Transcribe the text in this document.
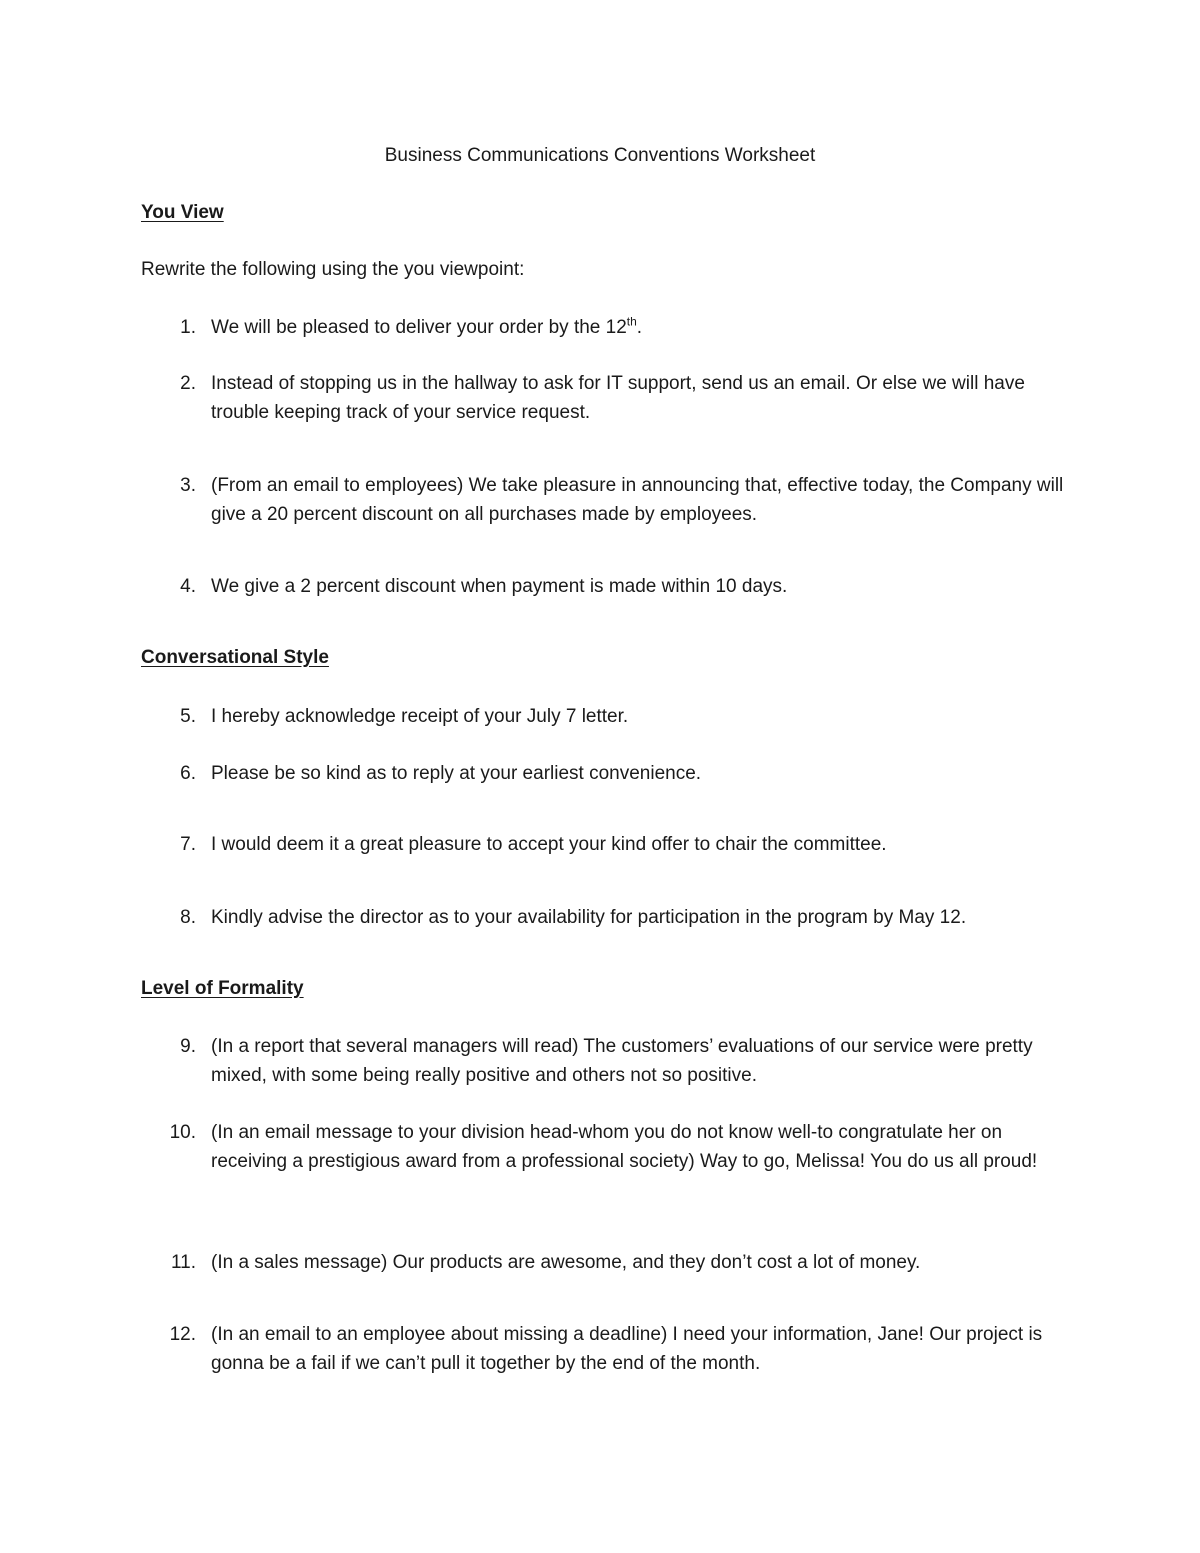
Business Communications Conventions Worksheet
You View
Rewrite the following using the you viewpoint:
1. We will be pleased to deliver your order by the 12th.
2. Instead of stopping us in the hallway to ask for IT support, send us an email. Or else we will have trouble keeping track of your service request.
3. (From an email to employees) We take pleasure in announcing that, effective today, the Company will give a 20 percent discount on all purchases made by employees.
4. We give a 2 percent discount when payment is made within 10 days.
Conversational Style
5. I hereby acknowledge receipt of your July 7 letter.
6. Please be so kind as to reply at your earliest convenience.
7. I would deem it a great pleasure to accept your kind offer to chair the committee.
8. Kindly advise the director as to your availability for participation in the program by May 12.
Level of Formality
9. (In a report that several managers will read) The customers’ evaluations of our service were pretty mixed, with some being really positive and others not so positive.
10. (In an email message to your division head-whom you do not know well-to congratulate her on receiving a prestigious award from a professional society) Way to go, Melissa! You do us all proud!
11. (In a sales message) Our products are awesome, and they don’t cost a lot of money.
12. (In an email to an employee about missing a deadline) I need your information, Jane! Our project is gonna be a fail if we can’t pull it together by the end of the month.
